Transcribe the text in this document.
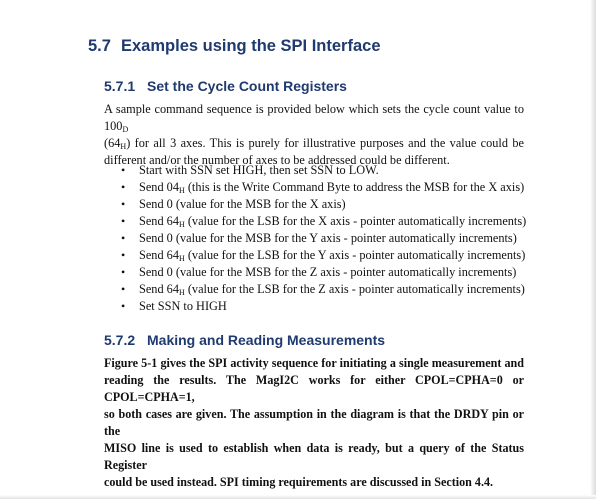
5.7 Examples using the SPI Interface
5.7.1 Set the Cycle Count Registers
A sample command sequence is provided below which sets the cycle count value to $100_D$
$(64_H)$ for all 3 axes. This is purely for illustrative purposes and the value could be
different and/or the number of axes to be addressed could be different.
• Start with SSN set HIGH, then set SSN to LOW.
• Send $04_H$ (this is the Write Command Byte to address the MSB for the X axis)
• Send 0 (value for the MSB for the X axis)
• Send $64_H$ (value for the LSB for the X axis - pointer automatically increments)
• Send 0 (value for the MSB for the Y axis - pointer automatically increments)
• Send $64_H$ (value for the LSB for the Y axis - pointer automatically increments)
• Send 0 (value for the MSB for the Z axis - pointer automatically increments)
• Send $64_H$ (value for the LSB for the Z axis - pointer automatically increments)
• Set SSN to HIGH
5.7.2 Making and Reading Measurements
Figure 5-1 gives the SPI activity sequence for initiating a single measurement and
reading the results. The MagI2C works for either CPOL=CPHA=0 or CPOL=CPHA=1,
so both cases are given. The assumption in the diagram is that the DRDY pin or the
MISO line is used to establish when data is ready, but a query of the Status Register
could be used instead. SPI timing requirements are discussed in Section 4.4.
